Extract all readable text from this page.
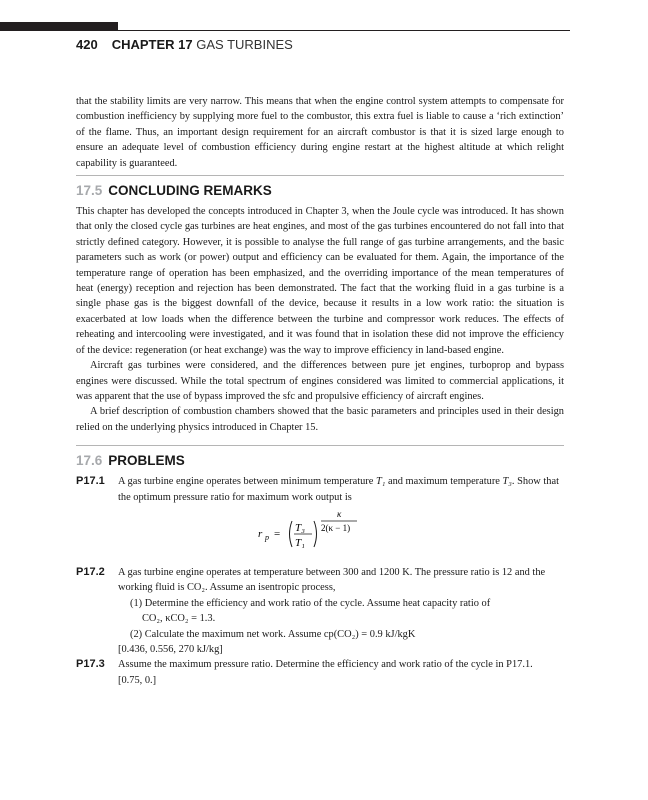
420 CHAPTER 17 GAS TURBINES

that the stability limits are very narrow. This means that when the engine control system attempts to compensate for combustion inefficiency by supplying more fuel to the combustor, this extra fuel is liable to cause a ‘rich extinction’ of the flame. Thus, an important design requirement for an aircraft combustor is that it is sized large enough to ensure an adequate level of combustion efficiency during engine restart at the highest altitude at which relight capability is guaranteed.

17.5 CONCLUDING REMARKS

This chapter has developed the concepts introduced in Chapter 3, when the Joule cycle was introduced. It has shown that only the closed cycle gas turbines are heat engines, and most of the gas turbines encountered do not fall into that strictly defined category. However, it is possible to analyse the full range of gas turbine arrangements, and the basic parameters such as work (or power) output and efficiency can be evaluated for them. Again, the importance of the temperature range of operation has been emphasized, and the overriding importance of the mean temperatures of heat (energy) reception and rejection has been demonstrated. The fact that the working fluid in a gas turbine is a single phase gas is the biggest downfall of the device, because it results in a low work ratio: the situation is exacerbated at low loads when the difference between the turbine and compressor work reduces. The effects of reheating and intercooling were investigated, and it was found that in isolation these did not improve the efficiency of the device: regeneration (or heat exchange) was the way to improve efficiency in land-based engine.

Aircraft gas turbines were considered, and the differences between pure jet engines, turboprop and bypass engines were discussed. While the total spectrum of engines considered was limited to commercial applications, it was apparent that the use of bypass improved the sfc and propulsive efficiency of aircraft engines.

A brief description of combustion chambers showed that the basic parameters and principles used in their design relied on the underlying physics introduced in Chapter 15.

17.6 PROBLEMS
P17.1 A gas turbine engine operates between minimum temperature T₁ and maximum temperature T₃. Show that the optimum pressure ratio for maximum work output is

r p = T₃
T₁
κ
2(κ − 1)
P17.2 A gas turbine engine operates at temperature between 300 and 1200 K. The pressure ratio is 12 and the working fluid is CO₂. Assume an isentropic process,

(1) Determine the efficiency and work ratio of the cycle. Assume heat capacity ratio of

CO₂, κCO₂ = 1.3.

(2) Calculate the maximum net work. Assume cp(CO₂) = 0.9 kJ/kgK

[0.436, 0.556, 270 kJ/kg]

P17.3 Assume the maximum pressure ratio. Determine the efficiency and work ratio of the cycle in P17.1.

[0.75, 0.]
